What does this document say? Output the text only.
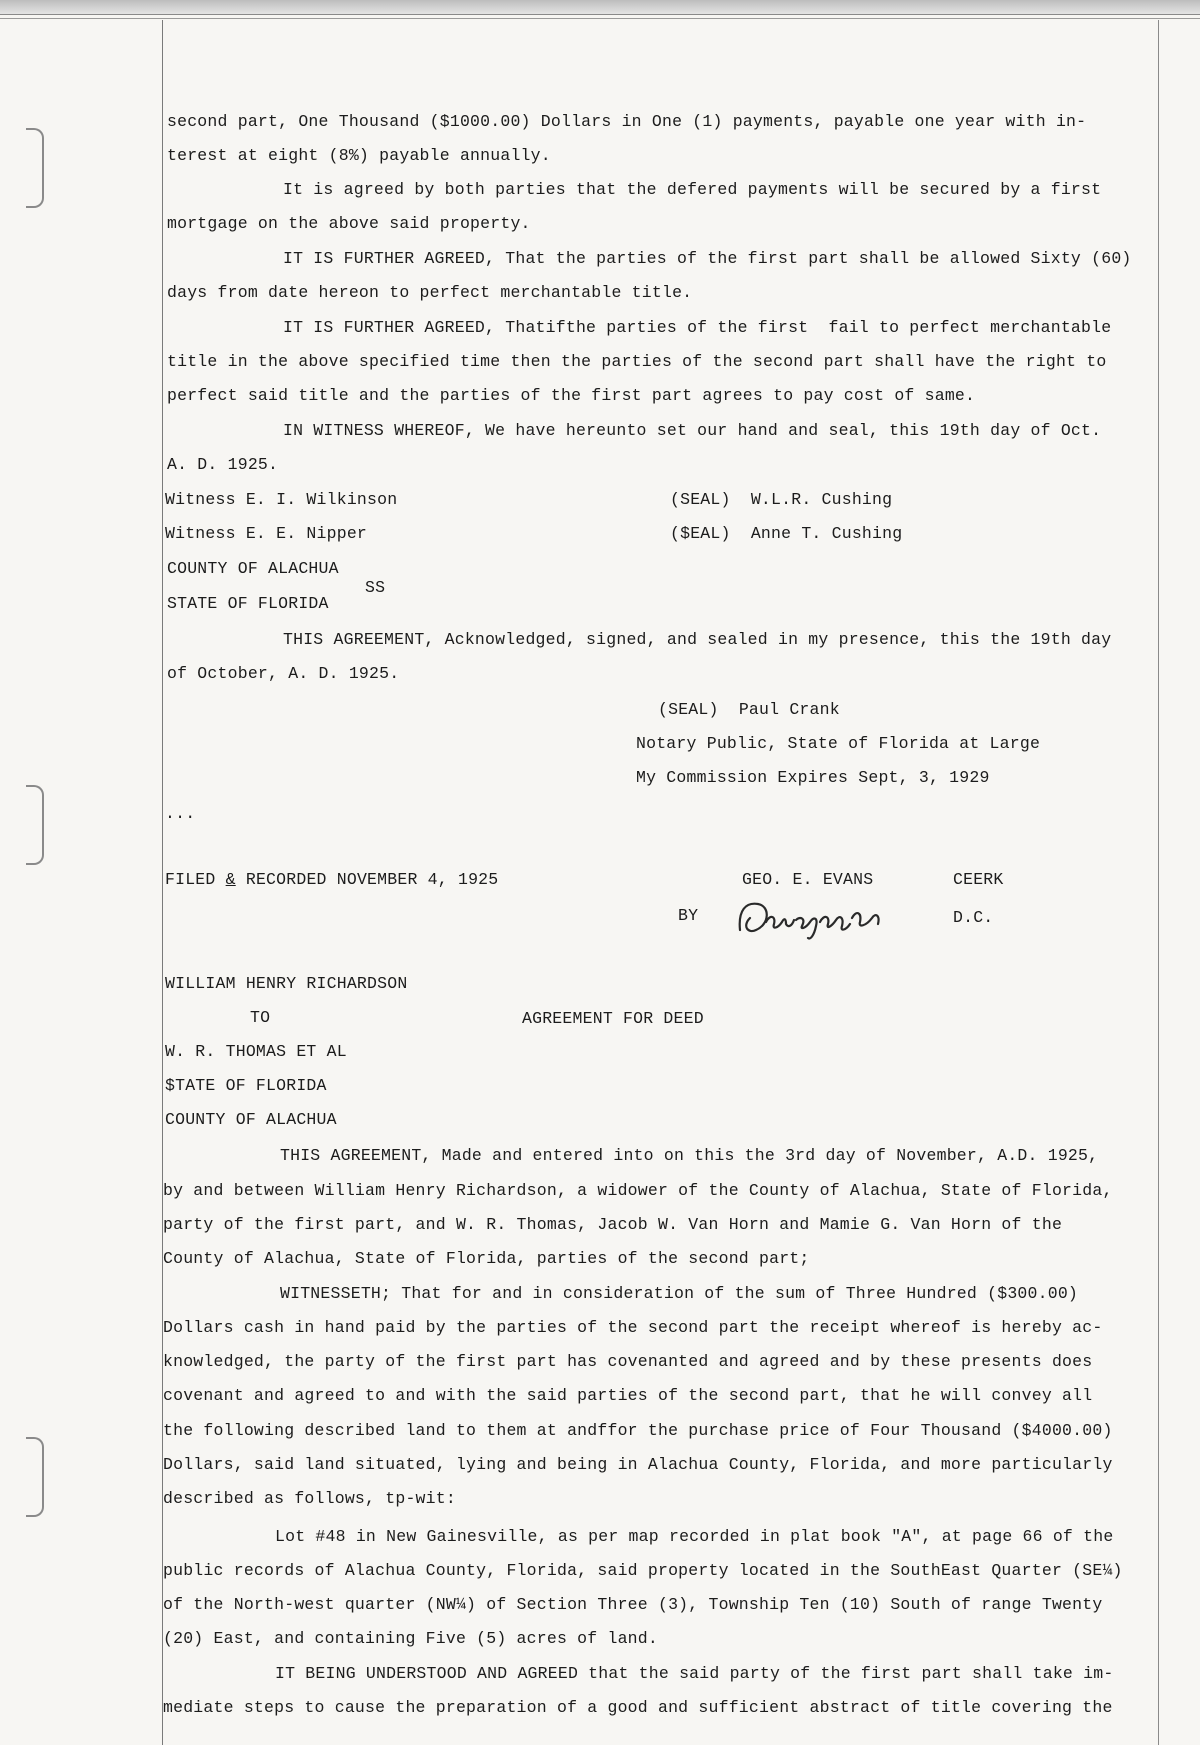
second part, One Thousand ($1000.00) Dollars in One (1) payments, payable one year with in-
terest at eight (8%) payable annually.
It is agreed by both parties that the defered payments will be secured by a first
mortgage on the above said property.
IT IS FURTHER AGREED, That the parties of the first part shall be allowed Sixty (60)
days from date hereon to perfect merchantable title.
IT IS FURTHER AGREED, Thatifthe parties of the first  fail to perfect merchantable
title in the above specified time then the parties of the second part shall have the right to
perfect said title and the parties of the first part agrees to pay cost of same.
IN WITNESS WHEREOF, We have hereunto set our hand and seal, this 19th day of Oct.
A. D. 1925.
Witness E. I. Wilkinson	(SEAL)  W.L.R. Cushing
Witness E. E. Nipper	($EAL)  Anne T. Cushing
COUNTY OF ALACHUA
SS
STATE OF FLORIDA
THIS AGREEMENT, Acknowledged, signed, and sealed in my presence, this the 19th day
of October, A. D. 1925.
(SEAL)  Paul Crank
Notary Public, State of Florida at Large
My Commission Expires Sept, 3, 1929
...
FILED & RECORDED NOVEMBER 4, 1925	GEO. E. EVANS	CEERK
BY	D.C.
WILLIAM HENRY RICHARDSON
TO	AGREEMENT FOR DEED
W. R. THOMAS ET AL
$TATE OF FLORIDA
COUNTY OF ALACHUA
THIS AGREEMENT, Made and entered into on this the 3rd day of November, A.D. 1925,
by and between William Henry Richardson, a widower of the County of Alachua, State of Florida,
party of the first part, and W. R. Thomas, Jacob W. Van Horn and Mamie G. Van Horn of the
County of Alachua, State of Florida, parties of the second part;
WITNESSETH; That for and in consideration of the sum of Three Hundred ($300.00)
Dollars cash in hand paid by the parties of the second part the receipt whereof is hereby ac-
knowledged, the party of the first part has covenanted and agreed and by these presents does
covenant and agreed to and with the said parties of the second part, that he will convey all
the following described land to them at andffor the purchase price of Four Thousand ($4000.00)
Dollars, said land situated, lying and being in Alachua County, Florida, and more particularly
described as follows, tp-wit:
Lot #48 in New Gainesville, as per map recorded in plat book "A", at page 66 of the
public records of Alachua County, Florida, said property located in the SouthEast Quarter (SE¼)
of the North-west quarter (NW¼) of Section Three (3), Township Ten (10) South of range Twenty
(20) East, and containing Five (5) acres of land.
IT BEING UNDERSTOOD AND AGREED that the said party of the first part shall take im-
mediate steps to cause the preparation of a good and sufficient abstract of title covering the
